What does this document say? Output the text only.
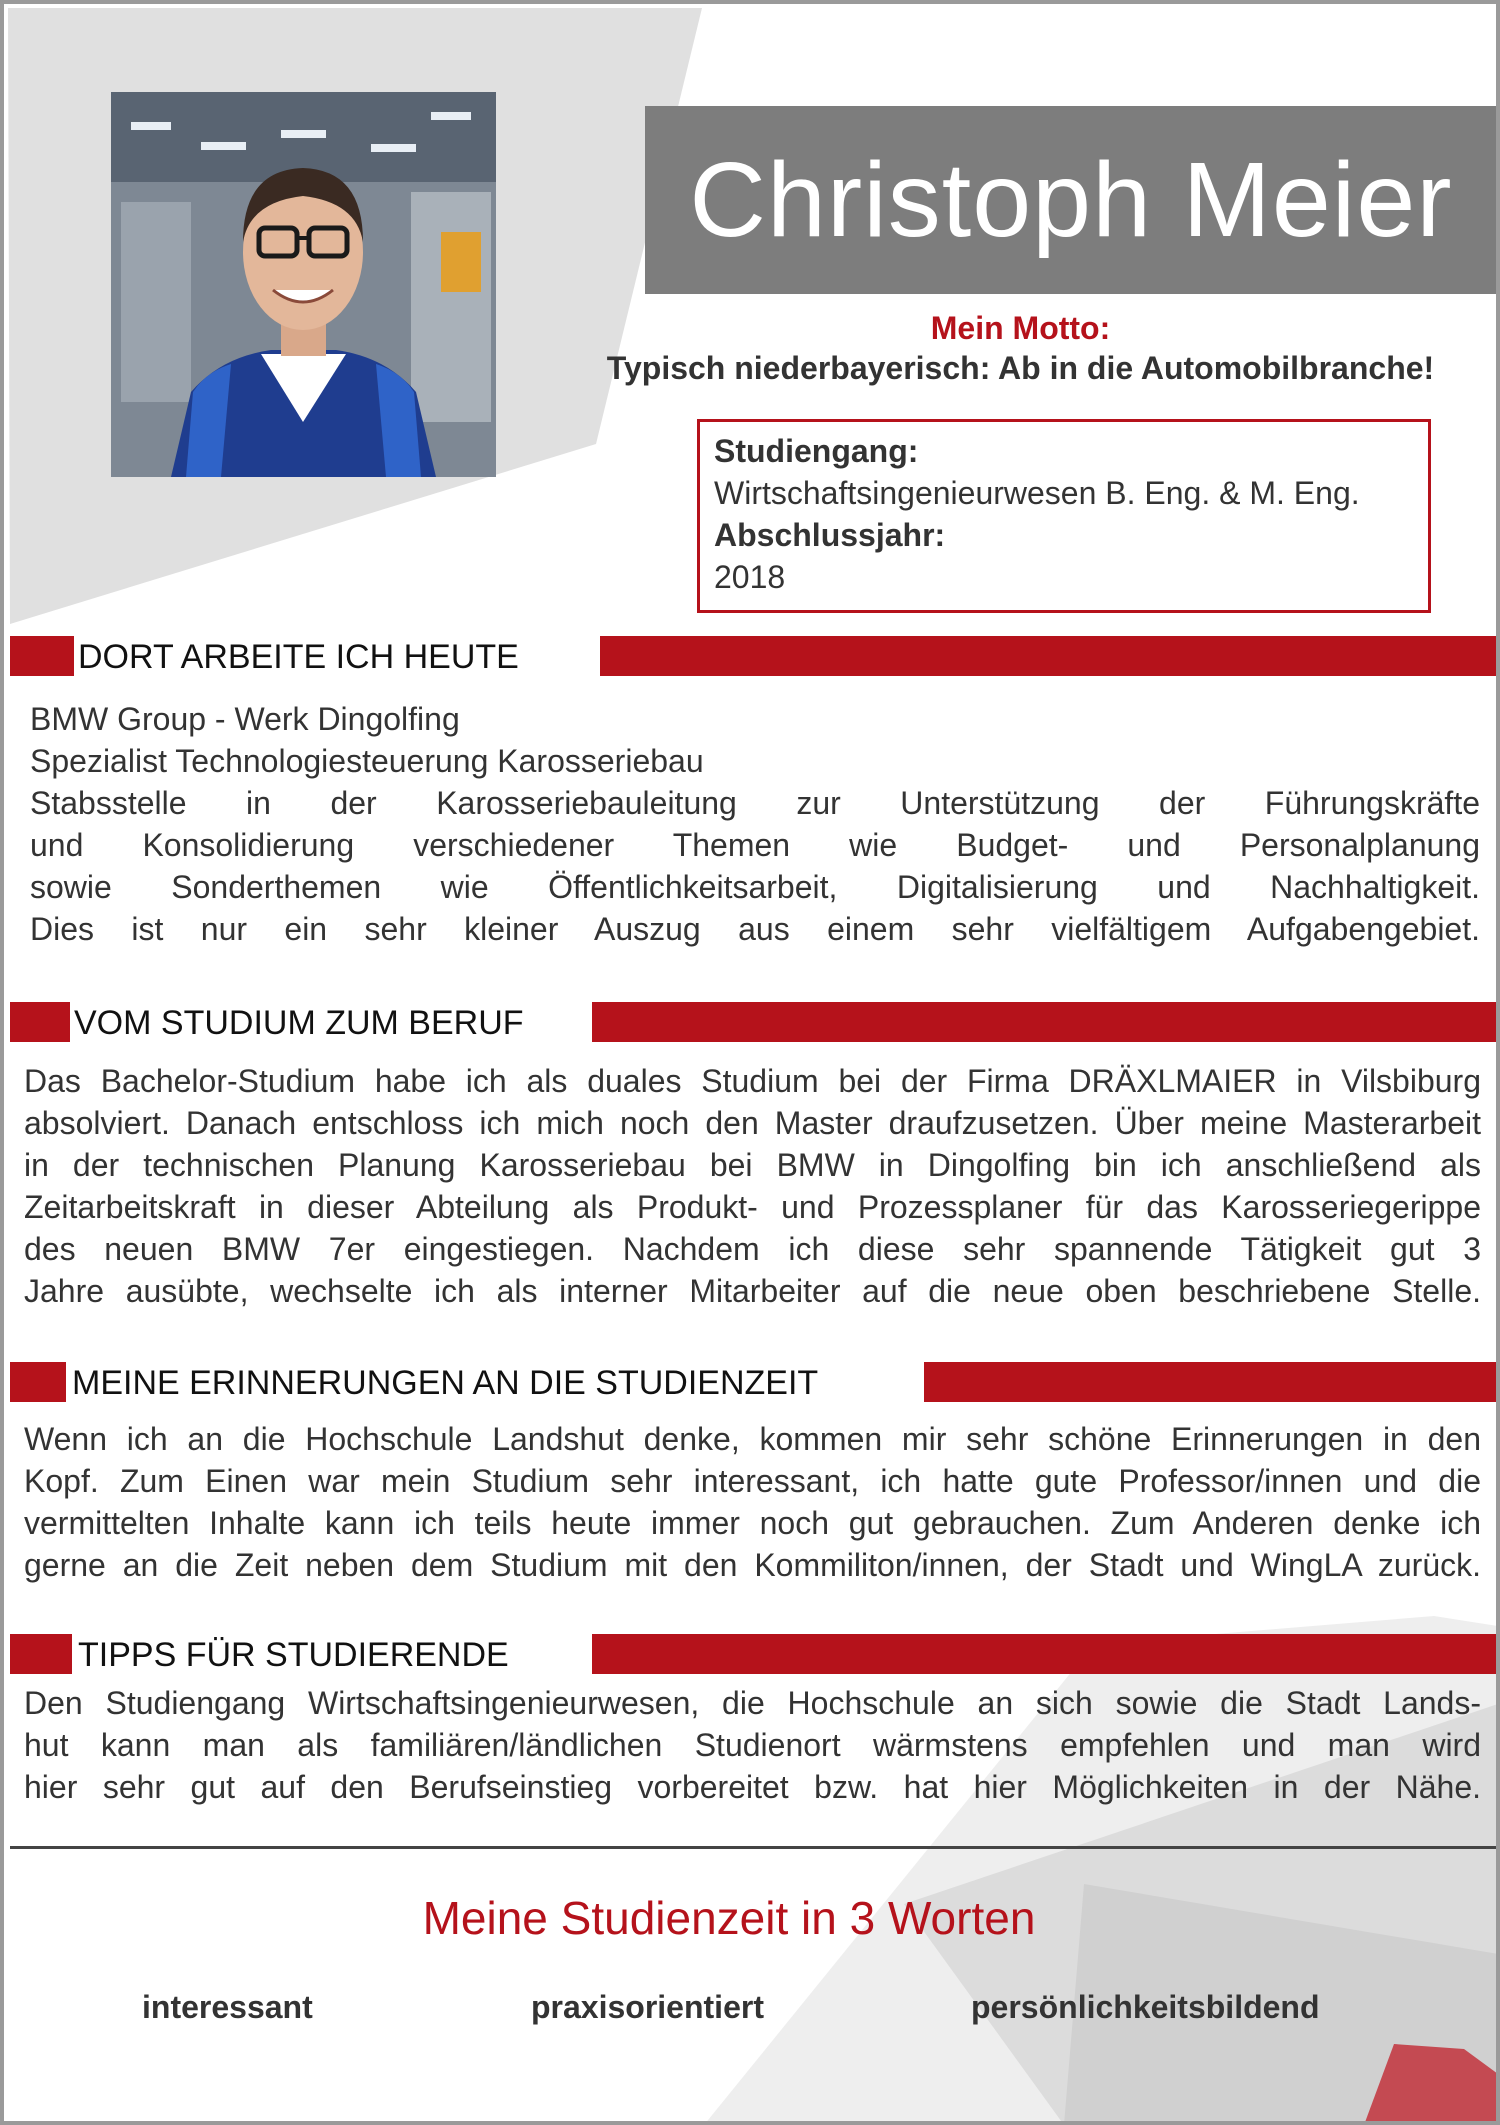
Christoph Meier
Mein Motto:
Typisch niederbayerisch: Ab in die Automobilbranche!
Studiengang:
Wirtschaftsingenieurwesen B. Eng. & M. Eng.
Abschlussjahr:
2018
DORT ARBEITE ICH HEUTE
BMW Group - Werk Dingolfing
Spezialist Technologiesteuerung Karosseriebau
Stabsstelle in der Karosseriebauleitung zur Unterstützung der Führungskräfte
und Konsolidierung verschiedener Themen wie Budget- und Personalplanung
sowie Sonderthemen wie Öffentlichkeitsarbeit, Digitalisierung und Nachhaltigkeit.
Dies ist nur ein sehr kleiner Auszug aus einem sehr vielfältigem Aufgabengebiet.
VOM STUDIUM ZUM BERUF
Das Bachelor-Studium habe ich als duales Studium bei der Firma DRÄXLMAIER in Vilsbiburg
absolviert. Danach entschloss ich mich noch den Master draufzusetzen. Über meine Masterarbeit
in der technischen Planung Karosseriebau bei BMW in Dingolfing bin ich anschließend als
Zeitarbeitskraft in dieser Abteilung als Produkt- und Prozessplaner für das Karosseriegerippe
des neuen BMW 7er eingestiegen. Nachdem ich diese sehr spannende Tätigkeit gut 3
Jahre ausübte, wechselte ich als interner Mitarbeiter auf die neue oben beschriebene Stelle.
MEINE ERINNERUNGEN AN DIE STUDIENZEIT
Wenn ich an die Hochschule Landshut denke, kommen mir sehr schöne Erinnerungen in den
Kopf. Zum Einen war mein Studium sehr interessant, ich hatte gute Professor/innen und die
vermittelten Inhalte kann ich teils heute immer noch gut gebrauchen. Zum Anderen denke ich
gerne an die Zeit neben dem Studium mit den Kommiliton/innen, der Stadt und WingLA zurück.
TIPPS FÜR STUDIERENDE
Den Studiengang Wirtschaftsingenieurwesen, die Hochschule an sich sowie die Stadt Lands-
hut kann man als familiären/ländlichen Studienort wärmstens empfehlen und man wird
hier sehr gut auf den Berufseinstieg vorbereitet bzw. hat hier Möglichkeiten in der Nähe.
Meine Studienzeit in 3 Worten
interessant	praxisorientiert	persönlichkeitsbildend
